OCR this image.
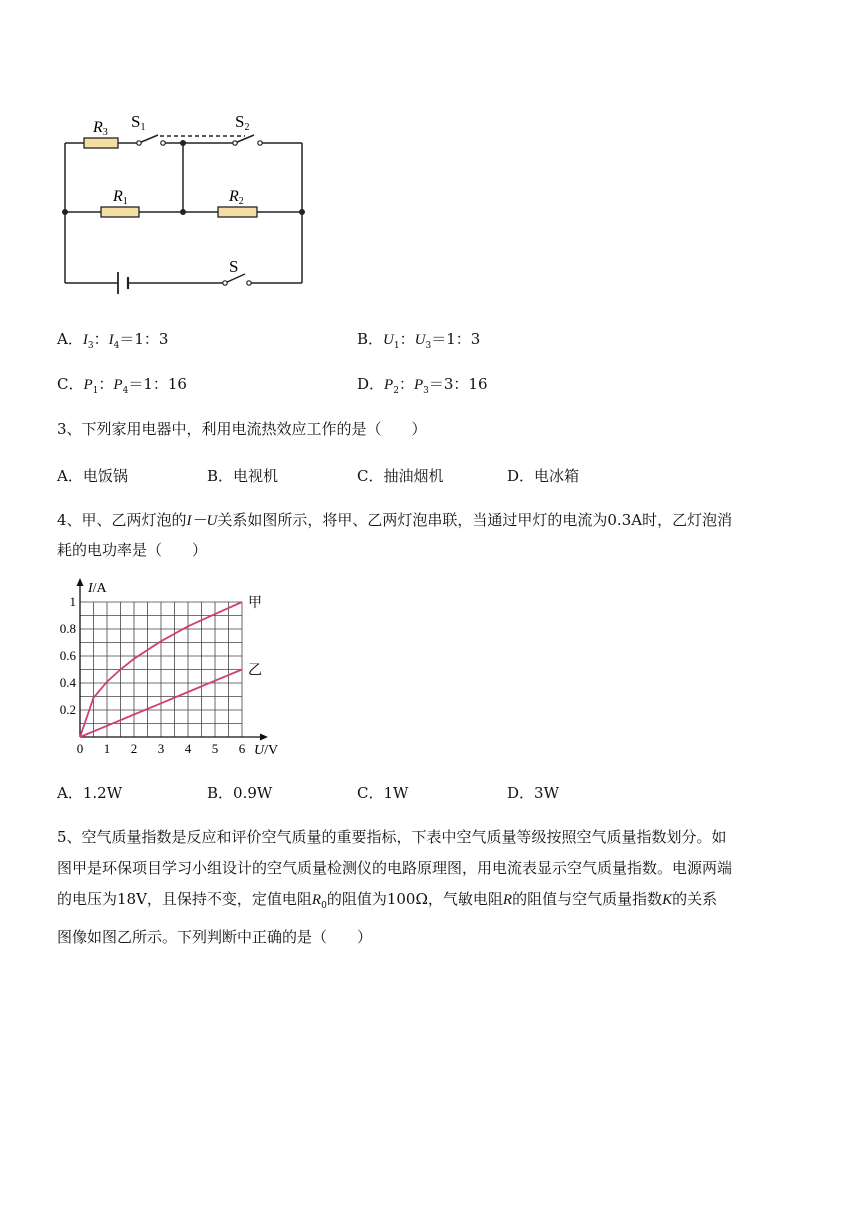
R3
S1	S2
R1	R2
S
A．$I_3$：$I_4=1$：3	B．$U_1$：$U_3=1$：3
C．$P_1$：$P_4=1$：16	D．$P_2$：$P_3=3$：16
3、下列家用电器中，利用电流热效应工作的是（　　）
A．电饭锅	B．电视机	C．抽油烟机	D．电冰箱
4、甲、乙两灯泡的I－U关系如图所示，将甲、乙两灯泡串联，当通过甲灯的电流为0.3A时，乙灯泡消
耗的电功率是（　　）
0 1 2 3 4 5 6
0.2
0.4
0.6
0.8
1
I/A
U/V
甲
乙
A．1.2W	B．0.9W	C．1W	D．3W
5、空气质量指数是反应和评价空气质量的重要指标，下表中空气质量等级按照空气质量指数划分。如
图甲是环保项目学习小组设计的空气质量检测仪的电路原理图，用电流表显示空气质量指数。电源两端
的电压为18V，且保持不变，定值电阻$R_0$的阻值为100Ω，气敏电阻R的阻值与空气质量指数K的关系
图像如图乙所示。下列判断中正确的是（　　）
